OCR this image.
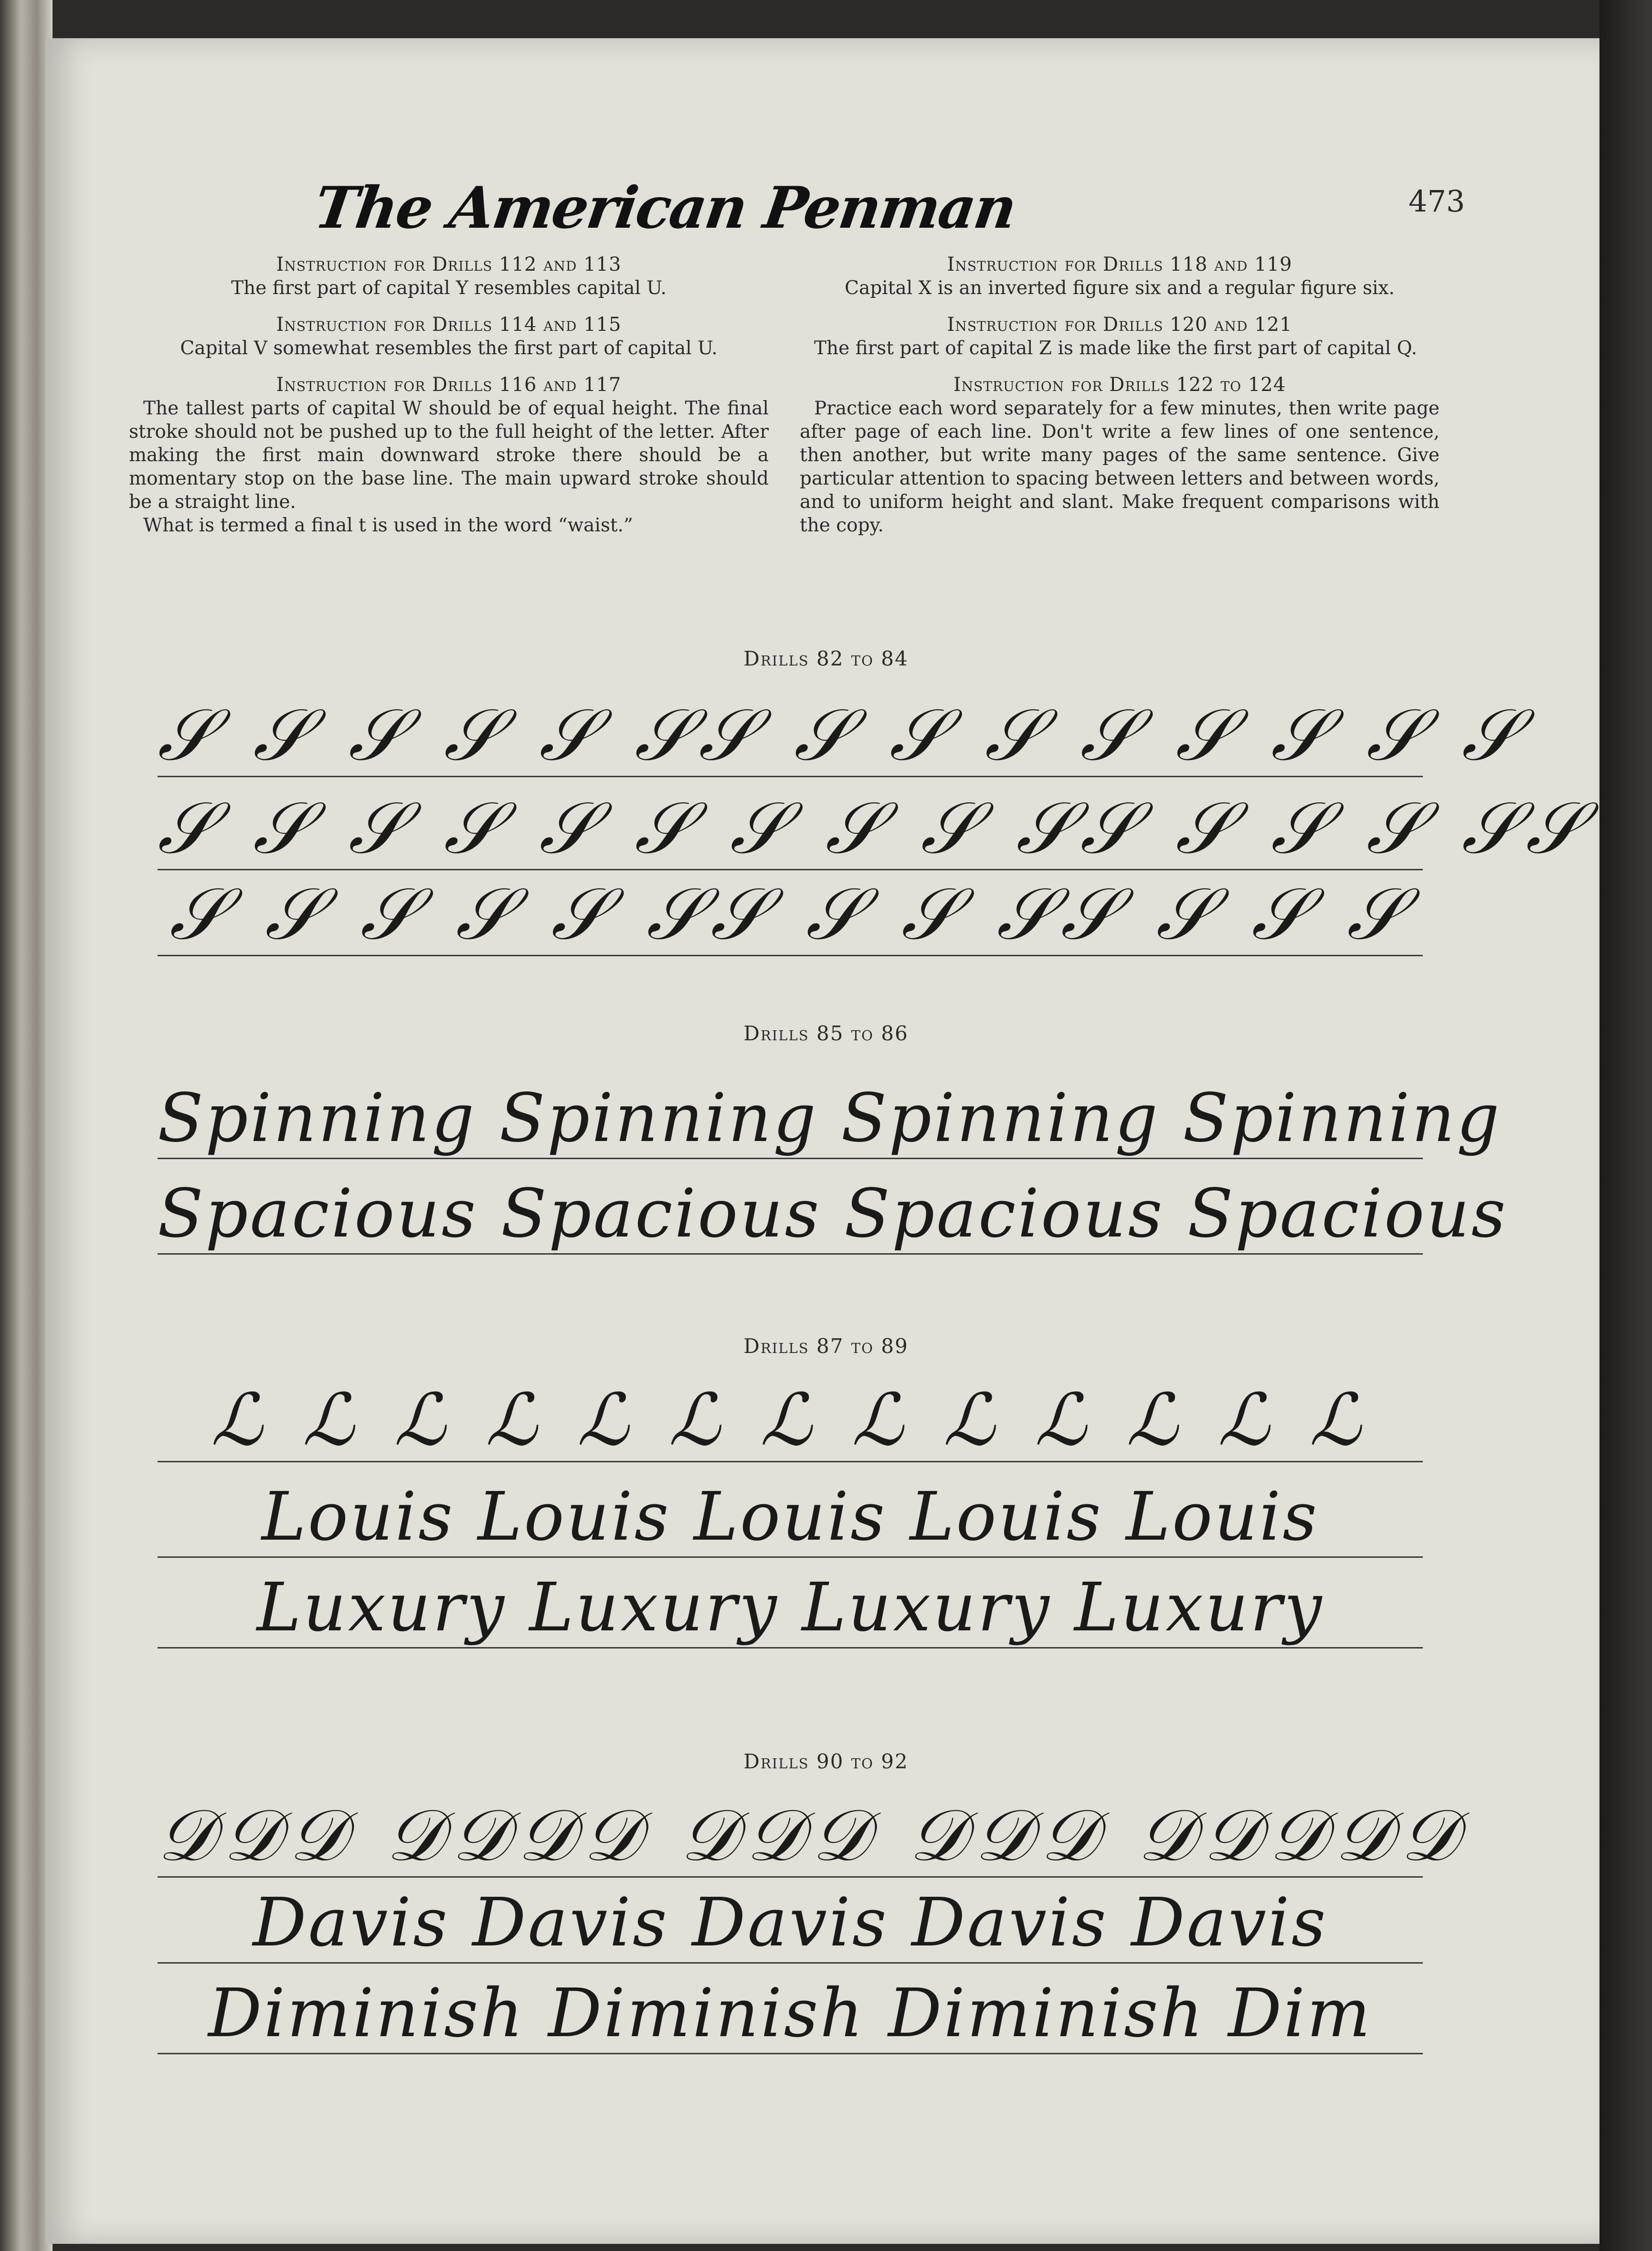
The American Penman	473

Instruction for Drills 112 and 113

The first part of capital Y resembles capital U.

Instruction for Drills 114 and 115

Capital V somewhat resembles the first part of capital U.

Instruction for Drills 116 and 117

The tallest parts of capital W should be of equal height. The final stroke should not be pushed up to the full height of the letter. After making the first main downward stroke there should be a momentary stop on the base line. The main upward stroke should be a straight line.

What is termed a final t is used in the word “waist.”

Instruction for Drills 118 and 119

Capital X is an inverted figure six and a regular figure six.

Instruction for Drills 120 and 121

The first part of capital Z is made like the first part of capital Q.

Instruction for Drills 122 to 124

Practice each word separately for a few minutes, then write page after page of each line. Don't write a few lines of one sentence, then another, but write many pages of the same sentence. Give particular attention to spacing between letters and between words, and to uniform height and slant. Make frequent comparisons with the copy.

Drills 82 to 84
𝒮 𝒮 𝒮 𝒮 𝒮 𝒮𝒮 𝒮 𝒮 𝒮 𝒮 𝒮 𝒮 𝒮 𝒮
𝒮 𝒮 𝒮 𝒮 𝒮 𝒮 𝒮 𝒮 𝒮 𝒮𝒮 𝒮 𝒮 𝒮 𝒮𝒮
𝒮 𝒮 𝒮 𝒮 𝒮 𝒮𝒮 𝒮 𝒮 𝒮𝒮 𝒮 𝒮 𝒮
Drills 85 to 86
Spinning Spinning Spinning Spinning
Spacious Spacious Spacious Spacious
Drills 87 to 89
ℒ ℒ ℒ ℒ ℒ ℒ ℒ ℒ ℒ ℒ ℒ ℒ ℒ
Louis Louis Louis Louis Louis
Luxury Luxury Luxury Luxury
Drills 90 to 92
𝒟𝒟𝒟 𝒟𝒟𝒟𝒟 𝒟𝒟𝒟 𝒟𝒟𝒟 𝒟𝒟𝒟𝒟𝒟
Davis Davis Davis Davis Davis
Diminish Diminish Diminish Dim
